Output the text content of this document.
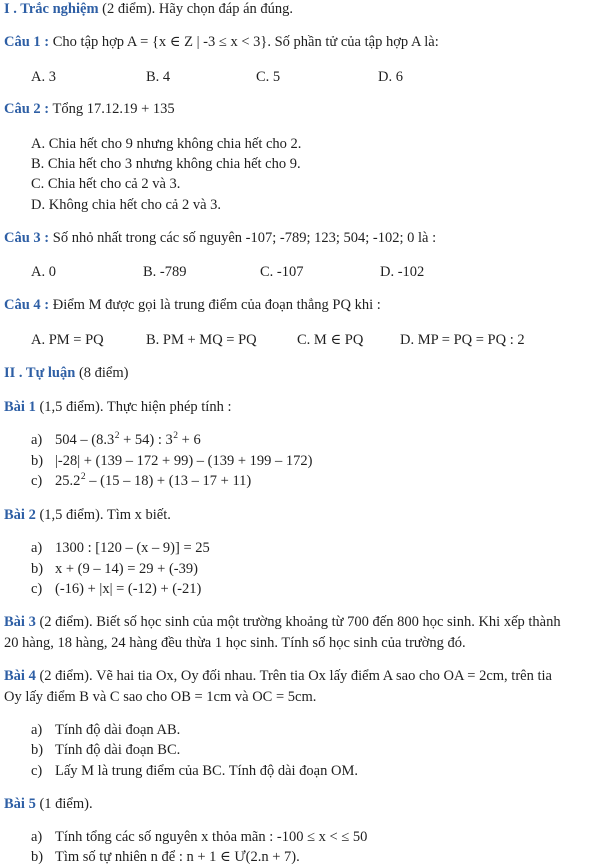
I . Trắc nghiệm (2 điểm). Hãy chọn đáp án đúng.
Câu 1 : Cho tập hợp A = {x ∈ Z | -3 ≤ x < 3}. Số phần tử của tập hợp A là:
A. 3	B. 4	C. 5	D. 6
Câu 2 : Tổng 17.12.19 + 135
A. Chia hết cho 9 nhưng không chia hết cho 2.
B. Chia hết cho 3 nhưng không chia hết cho 9.
C. Chia hết cho cả 2 và 3.
D. Không chia hết cho cả 2 và 3.
Câu 3 : Số nhỏ nhất trong các số nguyên -107; -789; 123; 504; -102; 0 là :
A. 0	B. -789	C. -107	D. -102
Câu 4 : Điểm M được gọi là trung điểm của đoạn thẳng PQ khi :
A. PM = PQ	B. PM + MQ = PQ	C. M ∈ PQ	D. MP = PQ = PQ : 2
II . Tự luận (8 điểm)
Bài 1 (1,5 điểm). Thực hiện phép tính :
a) $504 - (8.3^2 + 54)$ : $3^2 + 6$
b) |-28| + (139 – 172 + 99) – (139 + 199 – 172)
c) 25.2$^2$ – (15 – 18) + (13 – 17 + 11)
Bài 2 (1,5 điểm). Tìm x biết.
a) 1300 : [120 – (x – 9)] = 25
b) x + (9 – 14) = 29 + (-39)
c) (-16) + |x| = (-12) + (-21)
Bài 3 (2 điểm). Biết số học sinh của một trường khoảng từ 700 đến 800 học sinh. Khi xếp thành
20 hàng, 18 hàng, 24 hàng đều thừa 1 học sinh. Tính số học sinh của trường đó.
Bài 4 (2 điểm). Vẽ hai tia Ox, Oy đối nhau. Trên tia Ox lấy điểm A sao cho OA = 2cm, trên tia
Oy lấy điểm B và C sao cho OB = 1cm và OC = 5cm.
a) Tính độ dài đoạn AB.
b) Tính độ dài đoạn BC.
c) Lấy M là trung điểm của BC. Tính độ dài đoạn OM.
Bài 5 (1 điểm).
a) Tính tổng các số nguyên x thỏa mãn : -100 ≤ x < ≤ 50
b) Tìm số tự nhiên n để : n + 1 ∈ Ư(2.n + 7).
